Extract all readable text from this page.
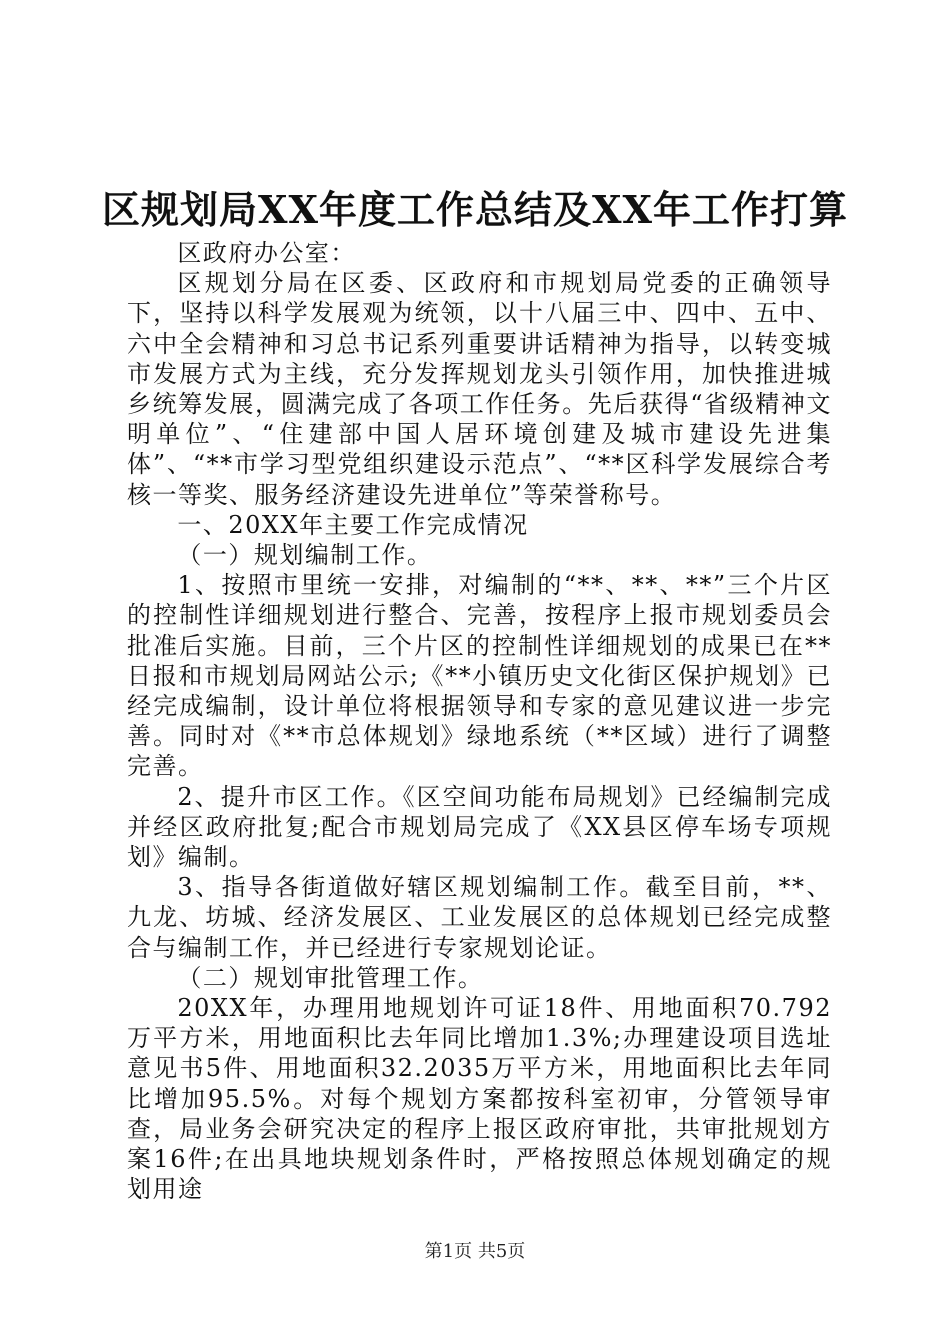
区规划局XX年度工作总结及XX年工作打算

区政府办公室：

区规划分局在区委、区政府和市规划局党委的正确领导下，坚持以科学发展观为统领，以十八届三中、四中、五中、六中全会精神和习总书记系列重要讲话精神为指导，以转变城市发展方式为主线，充分发挥规划龙头引领作用，加快推进城乡统筹发展，圆满完成了各项工作任务。先后获得“省级精神文明单位”、“住建部中国人居环境创建及城市建设先进集体”、“**市学习型党组织建设示范点”、“**区科学发展综合考核一等奖、服务经济建设先进单位”等荣誉称号。

一、20XX年主要工作完成情况

（一）规划编制工作。

1、按照市里统一安排，对编制的“**、**、**”三个片区的控制性详细规划进行整合、完善，按程序上报市规划委员会批准后实施。目前，三个片区的控制性详细规划的成果已在**日报和市规划局网站公示;《**小镇历史文化街区保护规划》已经完成编制，设计单位将根据领导和专家的意见建议进一步完善。同时对《**市总体规划》绿地系统（**区域）进行了调整完善。

2、提升市区工作。《区空间功能布局规划》已经编制完成并经区政府批复;配合市规划局完成了《XX县区停车场专项规划》编制。

3、指导各街道做好辖区规划编制工作。截至目前，**、九龙、坊城、经济发展区、工业发展区的总体规划已经完成整合与编制工作，并已经进行专家规划论证。

（二）规划审批管理工作。

20XX年，办理用地规划许可证18件、用地面积70.792万平方米，用地面积比去年同比增加1.3%;办理建设项目选址意见书5件、用地面积32.2035万平方米，用地面积比去年同比增加95.5%。对每个规划方案都按科室初审，分管领导审查，局业务会研究决定的程序上报区政府审批，共审批规划方案16件;在出具地块规划条件时，严格按照总体规划确定的规划用途

第1页 共5页
